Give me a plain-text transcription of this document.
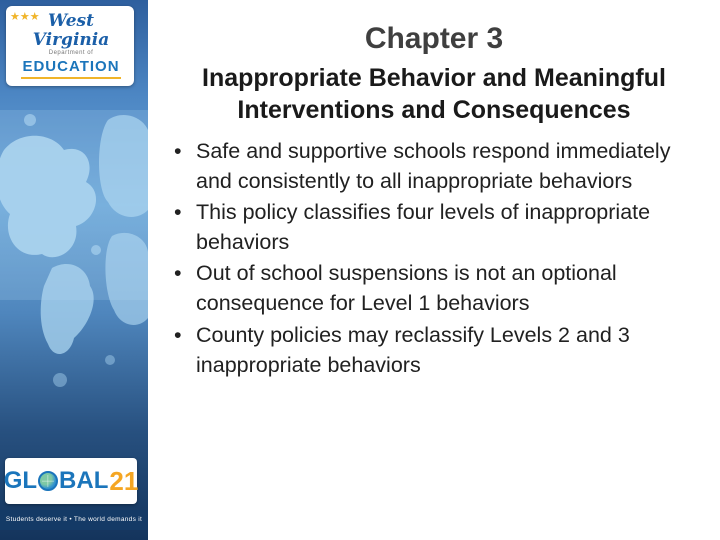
★★★ West Virginia
Department of
EDUCATION
GL BAL 21
Students deserve it • The world demands it
Chapter 3
Inappropriate Behavior and Meaningful Interventions and Consequences
• Safe and supportive schools respond immediately and consistently to all inappropriate behaviors
• This policy classifies four levels of inappropriate behaviors
• Out of school suspensions is not an optional consequence for Level 1 behaviors
• County policies may reclassify Levels 2 and 3 inappropriate behaviors
